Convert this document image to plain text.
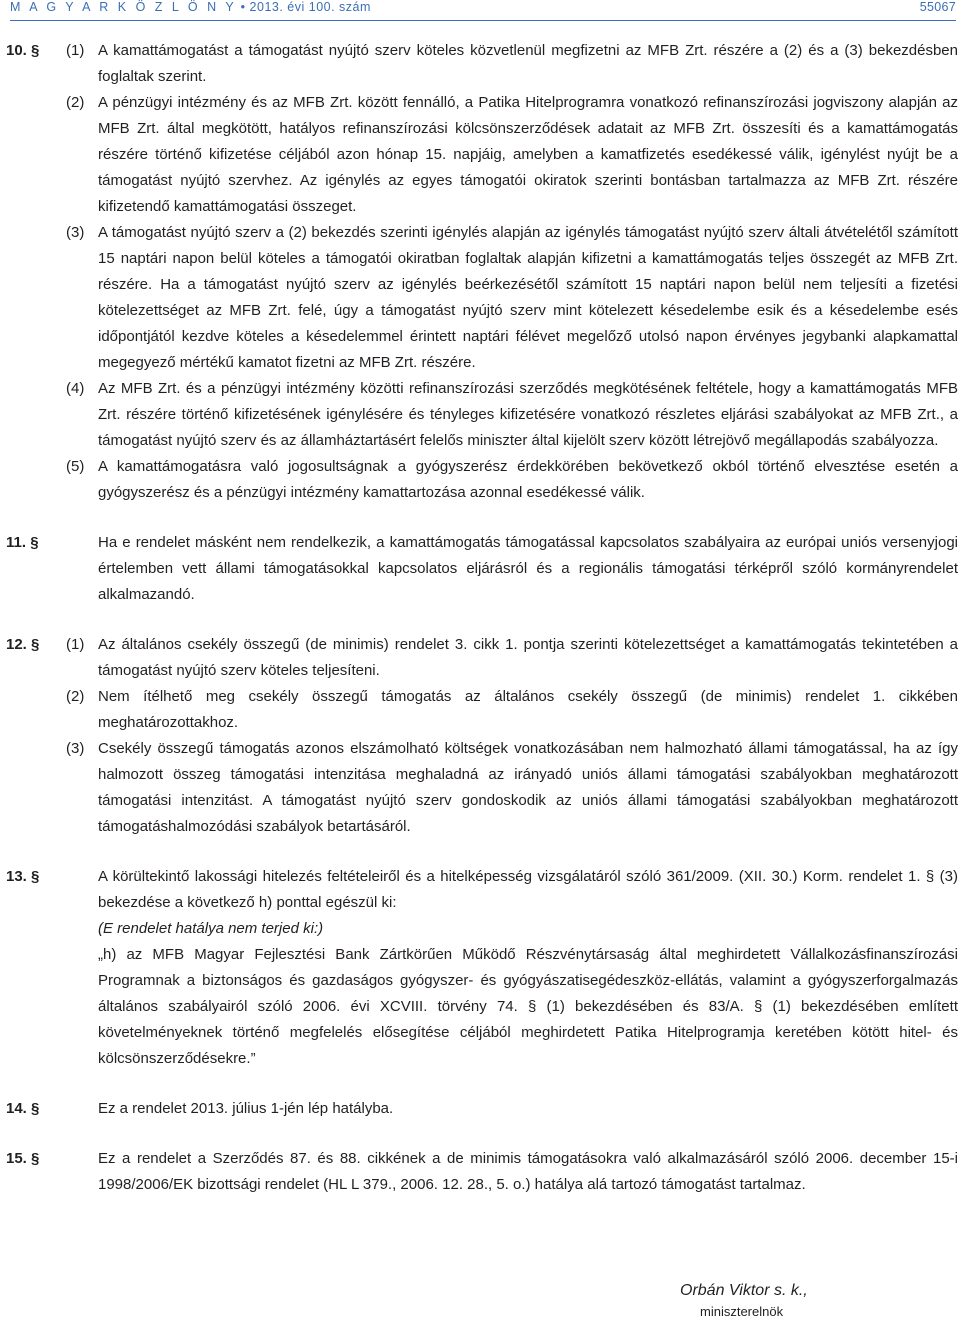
M A G Y A R K Ö Z L Ö N Y • 2013. évi 100. szám	55067
10. § (1) A kamattámogatást a támogatást nyújtó szerv köteles közvetlenül megfizetni az MFB Zrt. részére a (2) és a (3) bekezdésben foglaltak szerint.
(2) A pénzügyi intézmény és az MFB Zrt. között fennálló, a Patika Hitelprogramra vonatkozó refinanszírozási jogviszony alapján az MFB Zrt. által megkötött, hatályos refinanszírozási kölcsönszerződések adatait az MFB Zrt. összesíti és a kamattámogatás részére történő kifizetése céljából azon hónap 15. napjáig, amelyben a kamatfizetés esedékessé válik, igénylést nyújt be a támogatást nyújtó szervhez. Az igénylés az egyes támogatói okiratok szerinti bontásban tartalmazza az MFB Zrt. részére kifizetendő kamattámogatási összeget.
(3) A támogatást nyújtó szerv a (2) bekezdés szerinti igénylés alapján az igénylés támogatást nyújtó szerv általi átvételétől számított 15 naptári napon belül köteles a támogatói okiratban foglaltak alapján kifizetni a kamattámogatás teljes összegét az MFB Zrt. részére. Ha a támogatást nyújtó szerv az igénylés beérkezésétől számított 15 naptári napon belül nem teljesíti a fizetési kötelezettséget az MFB Zrt. felé, úgy a támogatást nyújtó szerv mint kötelezett késedelembe esik és a késedelembe esés időpontjától kezdve köteles a késedelemmel érintett naptári félévet megelőző utolsó napon érvényes jegybanki alapkamattal megegyező mértékű kamatot fizetni az MFB Zrt. részére.
(4) Az MFB Zrt. és a pénzügyi intézmény közötti refinanszírozási szerződés megkötésének feltétele, hogy a kamattámogatás MFB Zrt. részére történő kifizetésének igénylésére és tényleges kifizetésére vonatkozó részletes eljárási szabályokat az MFB Zrt., a támogatást nyújtó szerv és az államháztartásért felelős miniszter által kijelölt szerv között létrejövő megállapodás szabályozza.
(5) A kamattámogatásra való jogosultságnak a gyógyszerész érdekkörében bekövetkező okból történő elvesztése esetén a gyógyszerész és a pénzügyi intézmény kamattartozása azonnal esedékessé válik.
11. §	Ha e rendelet másként nem rendelkezik, a kamattámogatás támogatással kapcsolatos szabályaira az európai uniós versenyjogi értelemben vett állami támogatásokkal kapcsolatos eljárásról és a regionális támogatási térképről szóló kormányrendelet alkalmazandó.
12. § (1) Az általános csekély összegű (de minimis) rendelet 3. cikk 1. pontja szerinti kötelezettséget a kamattámogatás tekintetében a támogatást nyújtó szerv köteles teljesíteni.
(2) Nem ítélhető meg csekély összegű támogatás az általános csekély összegű (de minimis) rendelet 1. cikkében meghatározottakhoz.
(3) Csekély összegű támogatás azonos elszámolható költségek vonatkozásában nem halmozható állami támogatással, ha az így halmozott összeg támogatási intenzitása meghaladná az irányadó uniós állami támogatási szabályokban meghatározott támogatási intenzitást. A támogatást nyújtó szerv gondoskodik az uniós állami támogatási szabályokban meghatározott támogatáshalmozódási szabályok betartásáról.
13. §	A körültekintő lakossági hitelezés feltételeiről és a hitelképesség vizsgálatáról szóló 361/2009. (XII. 30.) Korm. rendelet 1. § (3) bekezdése a következő h) ponttal egészül ki:
(E rendelet hatálya nem terjed ki:)
„h) az MFB Magyar Fejlesztési Bank Zártkörűen Működő Részvénytársaság által meghirdetett Vállalkozásfinanszírozási Programnak a biztonságos és gazdaságos gyógyszer- és gyógyászatisegédeszköz-ellátás, valamint a gyógyszerforgalmazás általános szabályairól szóló 2006. évi XCVIII. törvény 74. § (1) bekezdésében és 83/A. § (1) bekezdésében említett követelményeknek történő megfelelés elősegítése céljából meghirdetett Patika Hitelprogramja keretében kötött hitel- és kölcsönszerződésekre.”
14. §	Ez a rendelet 2013. július 1-jén lép hatályba.
15. §	Ez a rendelet a Szerződés 87. és 88. cikkének a de minimis támogatásokra való alkalmazásáról szóló 2006. december 15-i 1998/2006/EK bizottsági rendelet (HL L 379., 2006. 12. 28., 5. o.) hatálya alá tartozó támogatást tartalmaz.
Orbán Viktor s. k.,
miniszterelnök
